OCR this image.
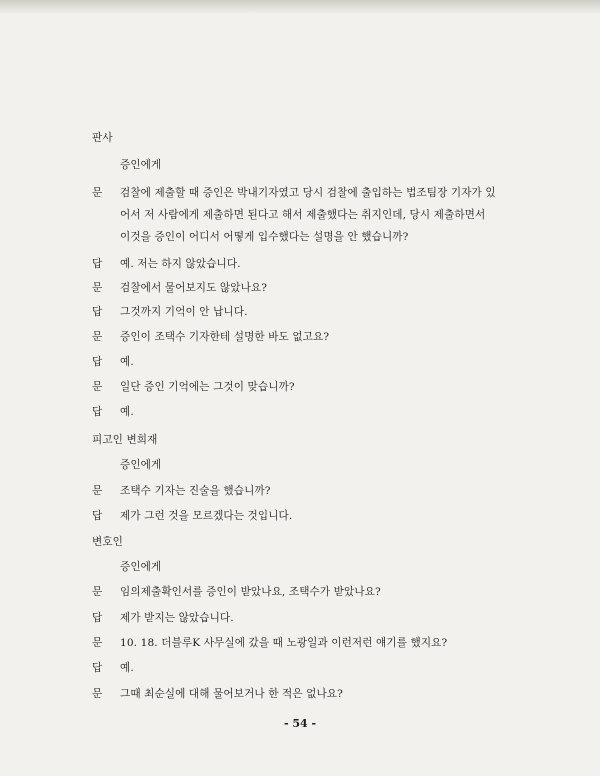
판사
증인에게
문 검찰에 제출할 때 증인은 박내기자였고 당시 검찰에 출입하는 법조팀장 기자가 있
어서 저 사람에게 제출하면 된다고 해서 제출했다는 취지인데, 당시 제출하면서
이것을 증인이 어디서 어떻게 입수했다는 설명을 안 했습니까?
답 예. 저는 하지 않았습니다.
문 검찰에서 물어보지도 않았나요?
답 그것까지 기억이 안 납니다.
문 증인이 조택수 기자한테 설명한 바도 없고요?
답 예.
문 일단 증인 기억에는 그것이 맞습니까?
답 예.
피고인 변희재
증인에게
문 조택수 기자는 진술을 했습니까?
답 제가 그런 것을 모르겠다는 것입니다.
변호인
증인에게
문 임의제출확인서를 증인이 받았나요, 조택수가 받았나요?
답 제가 받지는 않았습니다.
문 10. 18. 더블루K 사무실에 갔을 때 노광일과 이런저런 얘기를 했지요?
답 예.
문 그때 최순실에 대해 물어보거나 한 적은 없나요?
- 54 -
